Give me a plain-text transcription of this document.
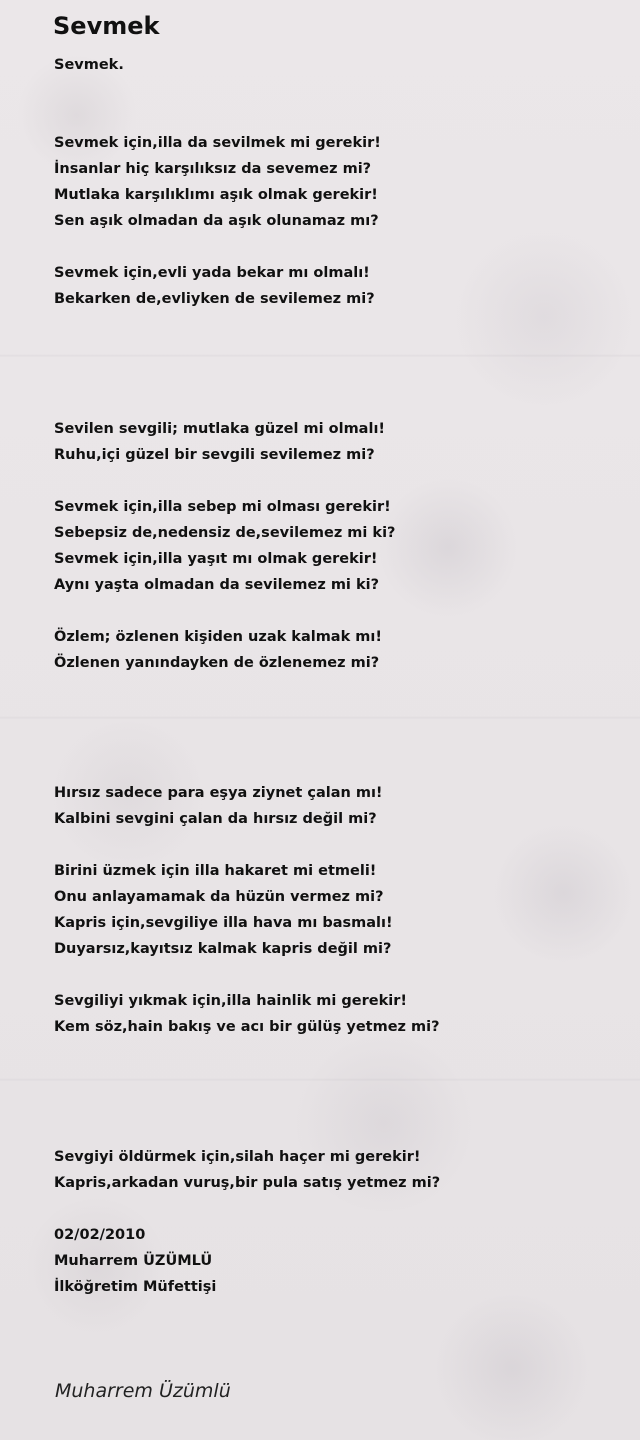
Sevmek
Sevmek.
Sevmek için,illa da sevilmek mi gerekir!
İnsanlar hiç karşılıksız da sevemez mi?
Mutlaka karşılıklımı aşık olmak gerekir!
Sen aşık olmadan da aşık olunamaz mı?
Sevmek için,evli yada bekar mı olmalı!
Bekarken de,evliyken de sevilemez mi?
Sevilen sevgili; mutlaka güzel mi olmalı!
Ruhu,içi güzel bir sevgili sevilemez mi?
Sevmek için,illa sebep mi olması gerekir!
Sebepsiz de,nedensiz de,sevilemez mi ki?
Sevmek için,illa yaşıt mı olmak gerekir!
Aynı yaşta olmadan da sevilemez mi ki?
Özlem; özlenen kişiden uzak kalmak mı!
Özlenen yanındayken de özlenemez mi?
Hırsız sadece para eşya ziynet çalan mı!
Kalbini sevgini çalan da hırsız değil mi?
Birini üzmek için illa hakaret mi etmeli!
Onu anlayamamak da hüzün vermez mi?
Kapris için,sevgiliye illa hava mı basmalı!
Duyarsız,kayıtsız kalmak kapris değil mi?
Sevgiliyi yıkmak için,illa hainlik mi gerekir!
Kem söz,hain bakış ve acı bir gülüş yetmez mi?
Sevgiyi öldürmek için,silah haçer mi gerekir!
Kapris,arkadan vuruş,bir pula satış yetmez mi?
02/02/2010
Muharrem ÜZÜMLÜ
İlköğretim Müfettişi
Muharrem Üzümlü
